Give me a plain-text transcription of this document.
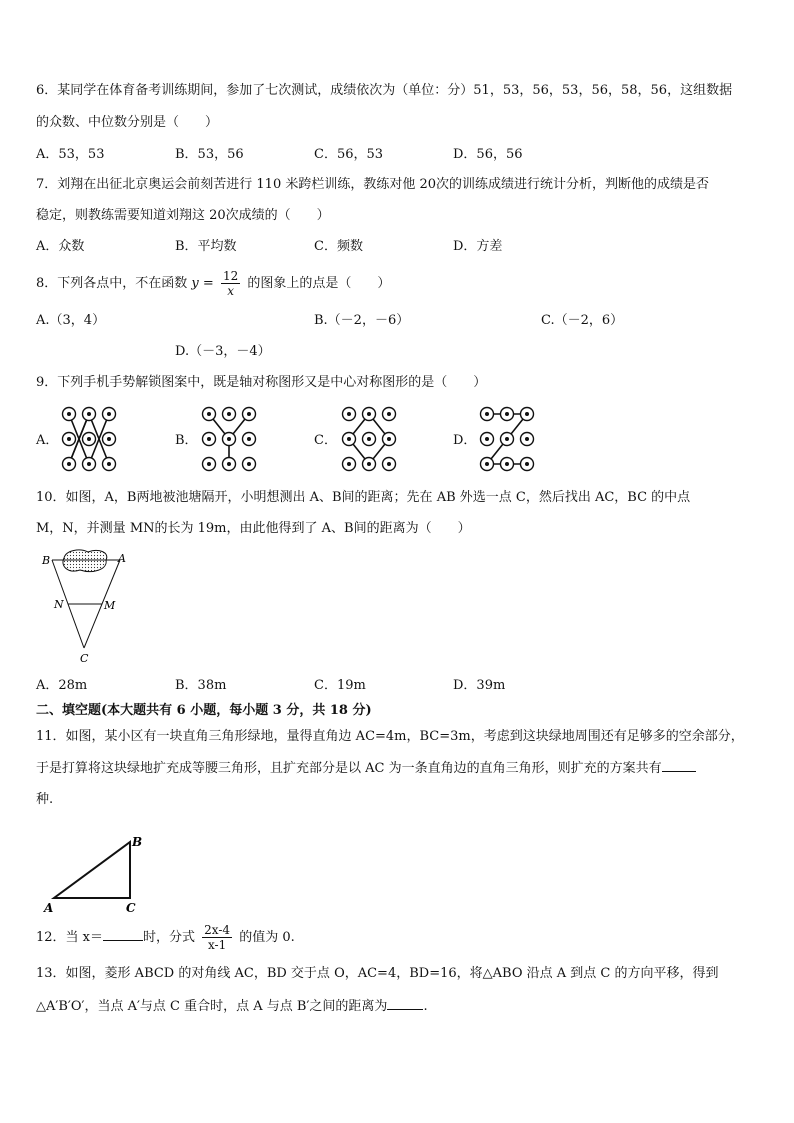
6．某同学在体育备考训练期间，参加了七次测试，成绩依次为（单位：分）51，53，56，53，56，58，56，这组数据
的众数、中位数分别是（　　）
A．53，53	B．53，56	C．56，53	D．56，56
7．刘翔在出征北京奥运会前刻苦进行 110 米跨栏训练，教练对他 20次的训练成绩进行统计分析，判断他的成绩是否
稳定，则教练需要知道刘翔这 20次成绩的（　　）
A．众数	B．平均数	C．频数	D．方差
8．下列各点中，不在函数 $y = \frac{12}{x}$ 的图象上的点是（　　）
A.（3，4）	B.（－2，－6）	C.（－2，6）
D.（－3，－4）
9．下列手机手势解锁图案中，既是轴对称图形又是中心对称图形的是（　　）
A．	B．	C．	D．
10．如图，A，B两地被池塘隔开，小明想测出 A、B间的距离；先在 AB 外选一点 C，然后找出 AC，BC 的中点
M，N，并测量 MN的长为 19m，由此他得到了 A、B间的距离为（　　）
B	A
N	M
C
A．28m	B．38m	C．19m	D．39m
二、填空题(本大题共有 6 小题，每小题 3 分，共 18 分)
11．如图，某小区有一块直角三角形绿地，量得直角边 AC=4m，BC=3m，考虑到这块绿地周围还有足够多的空余部分，
于是打算将这块绿地扩充成等腰三角形，且扩充部分是以 AC 为一条直角边的直角三角形，则扩充的方案共有
种.
B
A	C
12．当 x＝	时，分式 $\frac{2x-4}{x-1}$ 的值为 0.
13．如图，菱形 ABCD 的对角线 AC，BD 交于点 O，AC=4，BD=16，将△ABO 沿点 A 到点 C 的方向平移，得到
△A′B′O′，当点 A′与点 C 重合时，点 A 与点 B′之间的距离为	.
